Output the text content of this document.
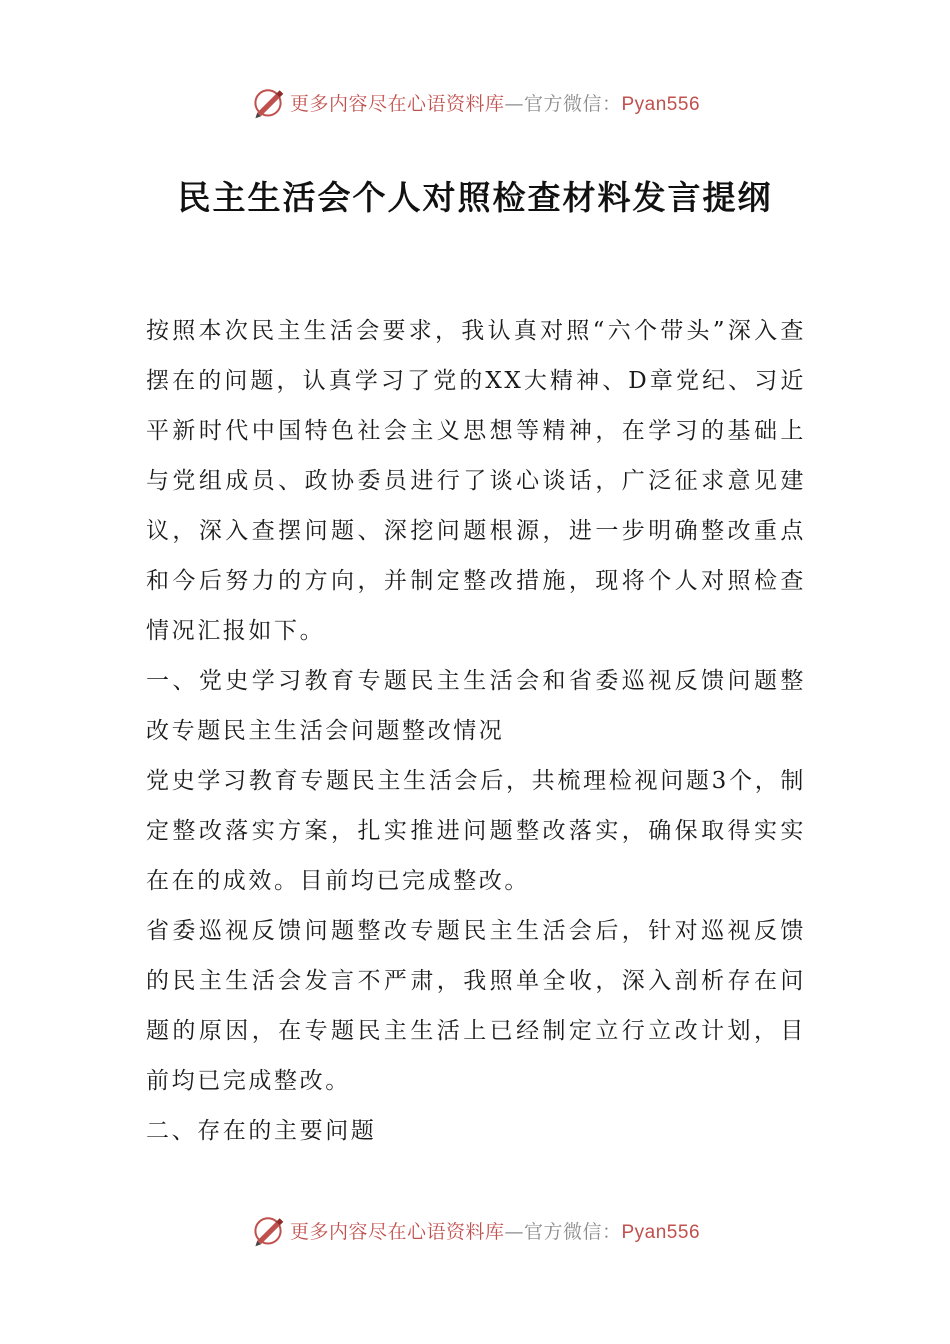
更多内容尽在心语资料库—官方微信：Pyan556
民主生活会个人对照检查材料发言提纲

按照本次民主生活会要求，我认真对照“六个带头”深入查摆在的问题，认真学习了党的XX大精神、D章党纪、习近平新时代中国特色社会主义思想等精神，在学习的基础上与党组成员、政协委员进行了谈心谈话，广泛征求意见建议，深入查摆问题、深挖问题根源，进一步明确整改重点和今后努力的方向，并制定整改措施，现将个人对照检查情况汇报如下。

一、党史学习教育专题民主生活会和省委巡视反馈问题整改专题民主生活会问题整改情况

党史学习教育专题民主生活会后，共梳理检视问题3个，制定整改落实方案，扎实推进问题整改落实，确保取得实实在在的成效。目前均已完成整改。

省委巡视反馈问题整改专题民主生活会后，针对巡视反馈的民主生活会发言不严肃，我照单全收，深入剖析存在问题的原因，在专题民主生活上已经制定立行立改计划，目前均已完成整改。

二、存在的主要问题

更多内容尽在心语资料库—官方微信：Pyan556
